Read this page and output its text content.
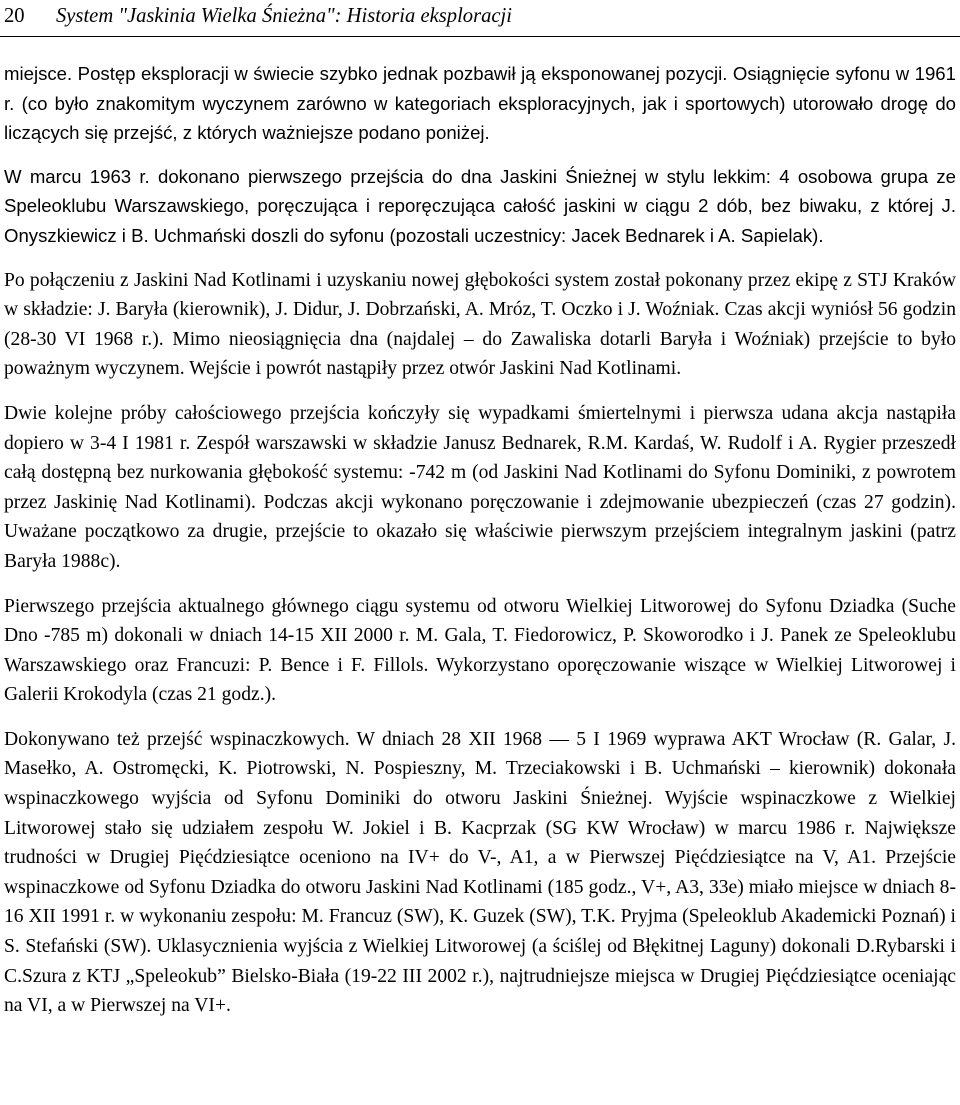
20	System "Jaskinia Wielka Śnieżna": Historia eksploracji

miejsce. Postęp eksploracji w świecie szybko jednak pozbawił ją eksponowanej pozycji. Osiągnięcie syfonu w 1961 r. (co było znakomitym wyczynem zarówno w kategoriach eksploracyjnych, jak i sportowych) utorowało drogę do liczących się przejść, z których ważniejsze podano poniżej.

W marcu 1963 r. dokonano pierwszego przejścia do dna Jaskini Śnieżnej w stylu lekkim: 4 osobowa grupa ze Speleoklubu Warszawskiego, poręczująca i reporęczująca całość jaskini w ciągu 2 dób, bez biwaku, z której J. Onyszkiewicz i B. Uchmański doszli do syfonu (pozostali uczestnicy: Jacek Bednarek i A. Sapielak).

Po połączeniu z Jaskini Nad Kotlinami i uzyskaniu nowej głębokości system został pokonany przez ekipę z STJ Kraków w składzie: J. Baryła (kierownik), J. Didur, J. Dobrzański, A. Mróz, T. Oczko i J. Woźniak. Czas akcji wyniósł 56 godzin (28-30 VI 1968 r.). Mimo nieosiągnięcia dna (najdalej – do Zawaliska dotarli Baryła i Woźniak) przejście to było poważnym wyczynem. Wejście i powrót nastąpiły przez otwór Jaskini Nad Kotlinami.

Dwie kolejne próby całościowego przejścia kończyły się wypadkami śmiertelnymi i pierwsza udana akcja nastąpiła dopiero w 3-4 I 1981 r. Zespół warszawski w składzie Janusz Bednarek, R.M. Kardaś, W. Rudolf i A. Rygier przeszedł całą dostępną bez nurkowania głębokość systemu: -742 m (od Jaskini Nad Kotlinami do Syfonu Dominiki, z powrotem przez Jaskinię Nad Kotlinami). Podczas akcji wykonano poręczowanie i zdejmowanie ubezpieczeń (czas 27 godzin). Uważane początkowo za drugie, przejście to okazało się właściwie pierwszym przejściem integralnym jaskini (patrz Baryła 1988c).

Pierwszego przejścia aktualnego głównego ciągu systemu od otworu Wielkiej Litworowej do Syfonu Dziadka (Suche Dno -785 m) dokonali w dniach 14-15 XII 2000 r. M. Gala, T. Fiedorowicz, P. Skoworodko i J. Panek ze Speleoklubu Warszawskiego oraz Francuzi: P. Bence i F. Fillols. Wykorzystano oporęczowanie wiszące w Wielkiej Litworowej i Galerii Krokodyla (czas 21 godz.).

Dokonywano też przejść wspinaczkowych. W dniach 28 XII 1968 — 5 I 1969 wyprawa AKT Wrocław (R. Galar, J. Masełko, A. Ostromęcki, K. Piotrowski, N. Pospieszny, M. Trzeciakowski i B. Uchmański – kierownik) dokonała wspinaczkowego wyjścia od Syfonu Dominiki do otworu Jaskini Śnieżnej. Wyjście wspinaczkowe z Wielkiej Litworowej stało się udziałem zespołu W. Jokiel i B. Kacprzak (SG KW Wrocław) w marcu 1986 r. Największe trudności w Drugiej Pięćdziesiątce oceniono na IV+ do V-, A1, a w Pierwszej Pięćdziesiątce na V, A1. Przejście wspinaczkowe od Syfonu Dziadka do otworu Jaskini Nad Kotlinami (185 godz., V+, A3, 33e) miało miejsce w dniach 8-16 XII 1991 r. w wykonaniu zespołu: M. Francuz (SW), K. Guzek (SW), T.K. Pryjma (Speleoklub Akademicki Poznań) i S. Stefański (SW). Uklasycznienia wyjścia z Wielkiej Litworowej (a ściślej od Błękitnej Laguny) dokonali D.Rybarski i C.Szura z KTJ „Speleokub” Bielsko-Biała (19-22 III 2002 r.), najtrudniejsze miejsca w Drugiej Pięćdziesiątce oceniając na VI, a w Pierwszej na VI+.
